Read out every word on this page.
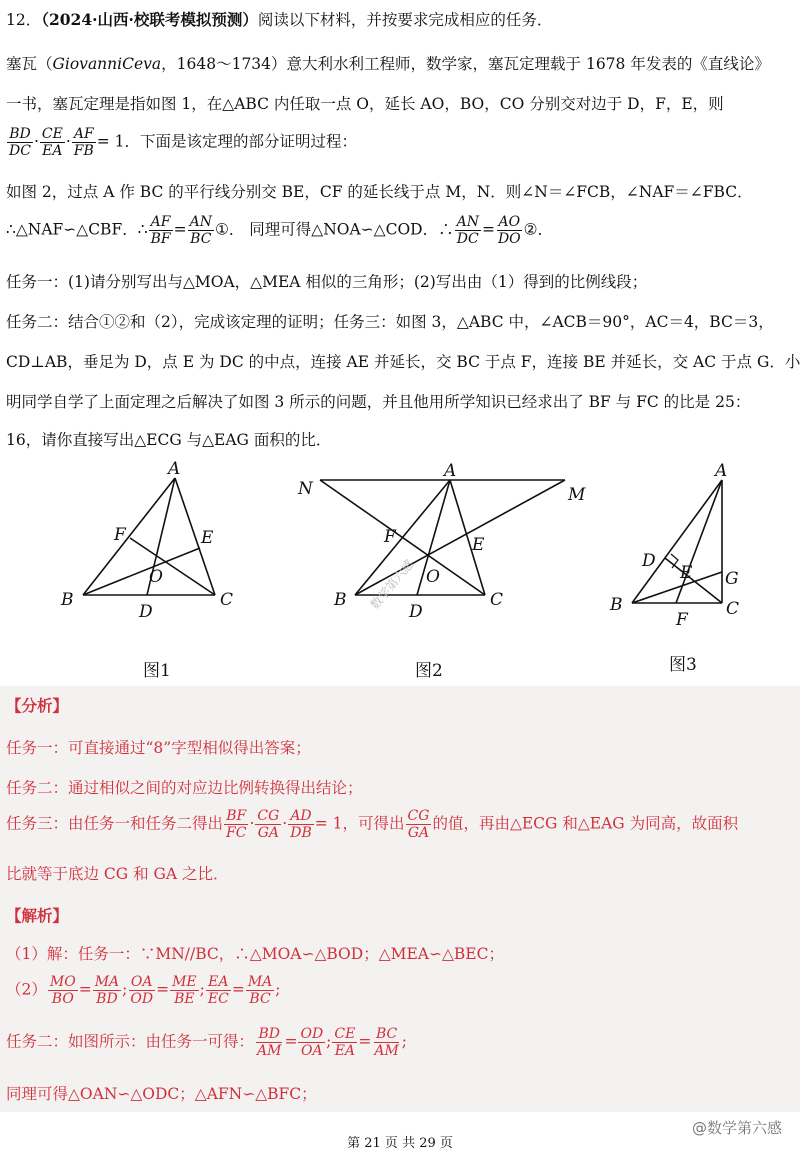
12．（2024·山西·校联考模拟预测）阅读以下材料，并按要求完成相应的任务．
塞瓦（GiovanniCeva，1648～1734）意大利水利工程师，数学家，塞瓦定理载于 1678 年发表的《直线论》
一书，塞瓦定理是指如图 1，在△ABC 内任取一点 O，延长 AO，BO，CO 分别交对边于 D，F，E，则
$\frac{BD}{DC} \cdot \frac{CE}{EA} \cdot \frac{AF}{FB} = 1$．下面是该定理的部分证明过程：
如图 2，过点 A 作 BC 的平行线分别交 BE，CF 的延长线于点 M，N．则∠N＝∠FCB，∠NAF＝∠FBC．
∴△NAF∽△CBF．∴ $\frac{AF}{BF} = \frac{AN}{BC}$ ①． 同理可得△NOA∽△COD．∴ $\frac{AN}{DC} = \frac{AO}{DO}$ ②．
任务一：(1)请分别写出与△MOA，△MEA 相似的三角形；(2)写出由（1）得到的比例线段；
任务二：结合①②和（2），完成该定理的证明；任务三：如图 3，△ABC 中，∠ACB＝90°，AC＝4，BC＝3，
CD⊥AB，垂足为 D，点 E 为 DC 的中点，连接 AE 并延长，交 BC 于点 F，连接 BE 并延长，交 AC 于点 G．小
明同学自学了上面定理之后解决了如图 3 所示的问题，并且他用所学知识已经求出了 BF 与 FC 的比是 25：
16，请你直接写出△ECG 与△EAG 面积的比．
A
B	C
D
E
F
O
图1
A
B	C
D
E
F
O
M
N
数学第六感
图2
A
B	C
D
E
F
G
图3
【分析】
任务一：可直接通过“8”字型相似得出答案；
任务二：通过相似之间的对应边比例转换得出结论；
任务三：由任务一和任务二得出 $\frac{BF}{FC} \cdot \frac{CG}{GA} \cdot \frac{AD}{DB} = 1$，可得出 $\frac{CG}{GA}$ 的值，再由△ECG 和△EAG 为同高，故面积
比就等于底边 CG 和 GA 之比．
【解析】
（1）解：任务一：∵MN//BC，∴△MOA∽△BOD；△MEA∽△BEC；
$(2) \frac{MO}{BO} = \frac{MA}{BD}$ ; $\frac{OA}{OD} = \frac{ME}{BE}$ ; $\frac{EA}{EC} = \frac{MA}{BC}$ ;
任务二：如图所示：由任务一可得： $\frac{BD}{AM} = \frac{OD}{OA}$ ; $\frac{CE}{EA} = \frac{BC}{AM}$ ;
同理可得△OAN∽△ODC；△AFN∽△BFC；
第 21 页 共 29 页
@数学第六感
